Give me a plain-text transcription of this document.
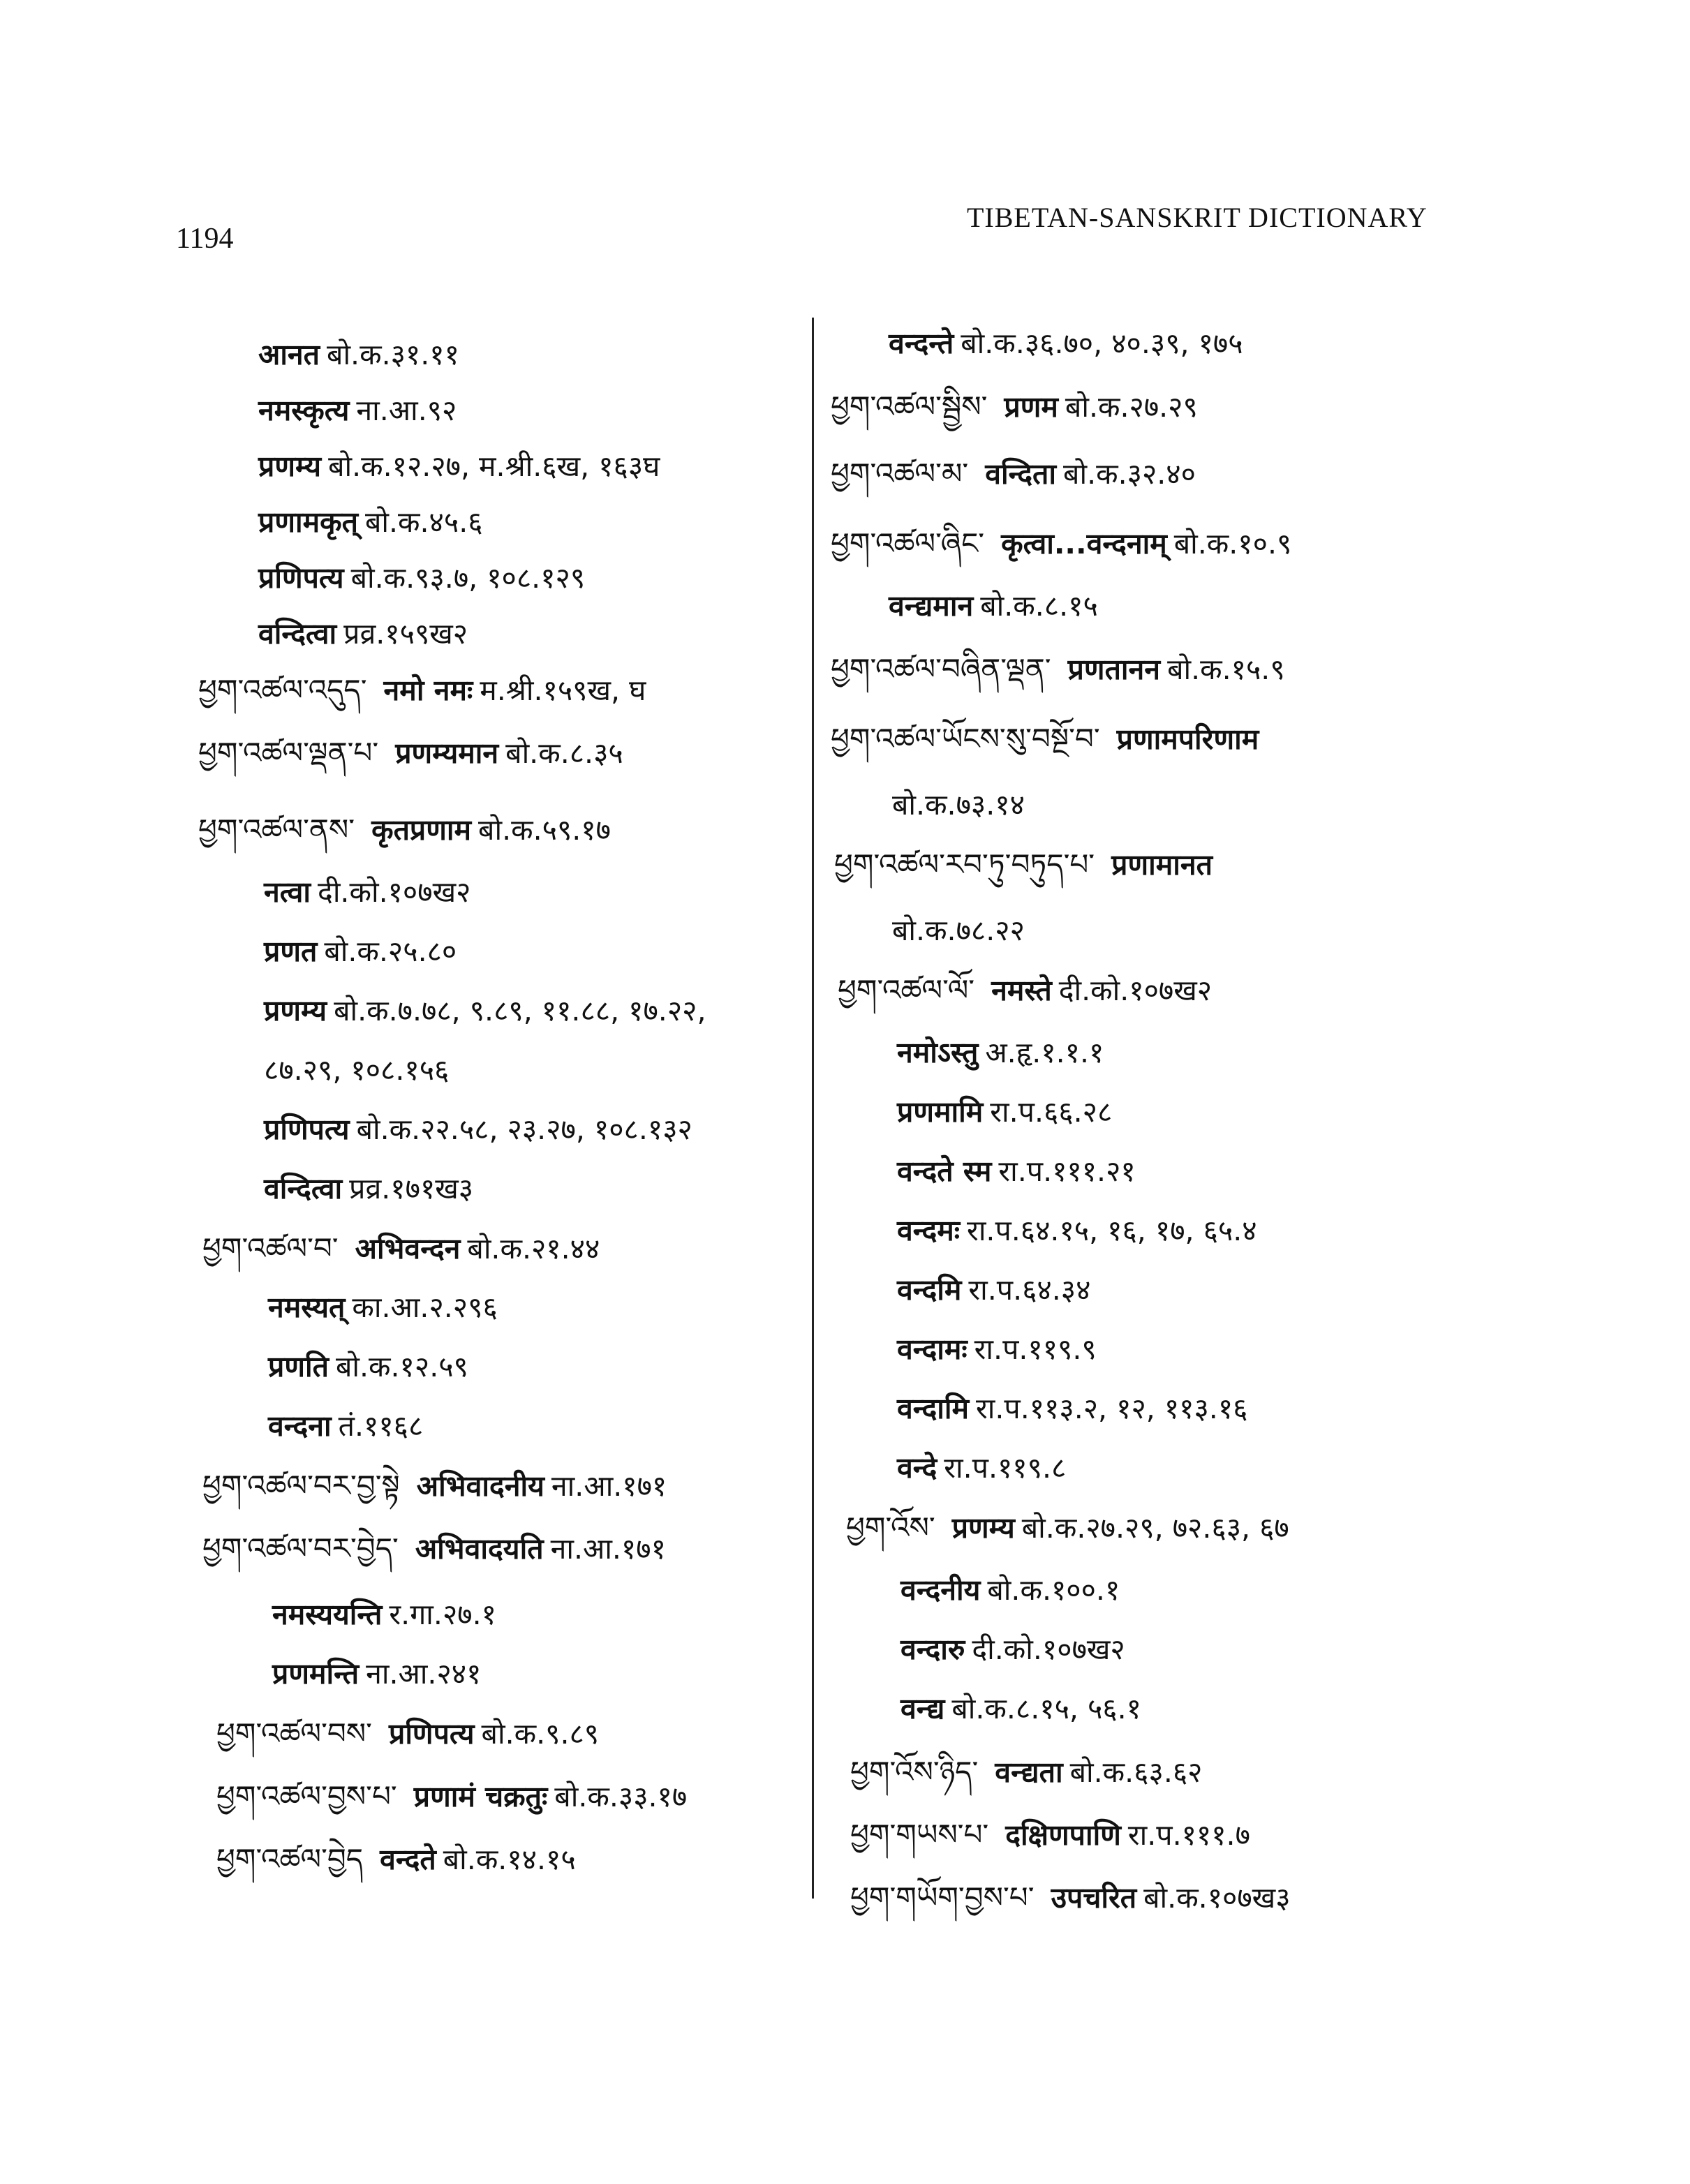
1194
TIBETAN-SANSKRIT DICTIONARY
आनत बो.क.३१.११
नमस्कृत्य ना.आ.९२
प्रणम्य बो.क.१२.२७, म.श्री.६ख, १६३घ
प्रणामकृत् बो.क.४५.६
प्रणिपत्य बो.क.९३.७, १०८.१२९
वन्दित्वा प्रव्र.१५९ख२
ཕྱག་འཚལ་འདུད་ नमो नमः म.श्री.१५९ख, घ
ཕྱག་འཚལ་ལྡན་པ་ प्रणम्यमान बो.क.८.३५
ཕྱག་འཚལ་ནས་ कृतप्रणाम बो.क.५९.१७
नत्वा दी.को.१०७ख२
प्रणत बो.क.२५.८०
प्रणम्य बो.क.७.७८, ९.८९, ११.८८, १७.२२,
८७.२९, १०८.१५६
प्रणिपत्य बो.क.२२.५८, २३.२७, १०८.१३२
वन्दित्वा प्रव्र.१७१ख३
ཕྱག་འཚལ་བ་ अभिवन्दन बो.क.२१.४४
नमस्यत् का.आ.२.२९६
प्रणति बो.क.१२.५९
वन्दना तं.११६८
ཕྱག་འཚལ་བར་བྱ་སྟེ अभिवादनीय ना.आ.१७१
ཕྱག་འཚལ་བར་བྱེད་ अभिवादयति ना.आ.१७१
नमस्ययन्ति र.गा.२७.१
प्रणमन्ति ना.आ.२४१
ཕྱག་འཚལ་བས་ प्रणिपत्य बो.क.९.८९
ཕྱག་འཚལ་བྱས་པ་ प्रणामं चक्रतुः बो.क.३३.१७
ཕྱག་འཚལ་བྱེད वन्दते बो.क.१४.१५
वन्दन्ते बो.क.३६.७०, ४०.३९, १७५
ཕྱག་འཚལ་སྦྱིས་ प्रणम बो.क.२७.२९
ཕྱག་འཚལ་མ་ वन्दिता बो.क.३२.४०
ཕྱག་འཚལ་ཞིང་ कृत्वा...वन्दनाम् बो.क.१०.९
वन्द्यमान बो.क.८.१५
ཕྱག་འཚལ་བཞིན་ལྡན་ प्रणतानन बो.क.१५.९
ཕྱག་འཚལ་ཡོངས་སུ་བསྔོ་བ་ प्रणामपरिणाम
बो.क.७३.१४
ཕྱག་འཚལ་རབ་ཏུ་བཏུད་པ་ प्रणामानत
बो.क.७८.२२
ཕྱག་འཚལ་ལོ་ नमस्ते दी.को.१०७ख२
नमोऽस्तु अ.हृ.१.१.१
प्रणमामि रा.प.६६.२८
वन्दते स्म रा.प.१११.२१
वन्दमः रा.प.६४.१५, १६, १७, ६५.४
वन्दमि रा.प.६४.३४
वन्दामः रा.प.११९.९
वन्दामि रा.प.११३.२, १२, ११३.१६
वन्दे रा.प.११९.८
ཕྱག་འོས་ प्रणम्य बो.क.२७.२९, ७२.६३, ६७
वन्दनीय बो.क.१००.१
वन्दारु दी.को.१०७ख२
वन्द्य बो.क.८.१५, ५६.१
ཕྱག་འོས་ཉིད་ वन्द्यता बो.क.६३.६२
ཕྱག་གཡས་པ་ दक्षिणपाणि रा.प.१११.७
ཕྱག་གཡོག་བྱས་པ་ उपचरित बो.क.१०७ख३
